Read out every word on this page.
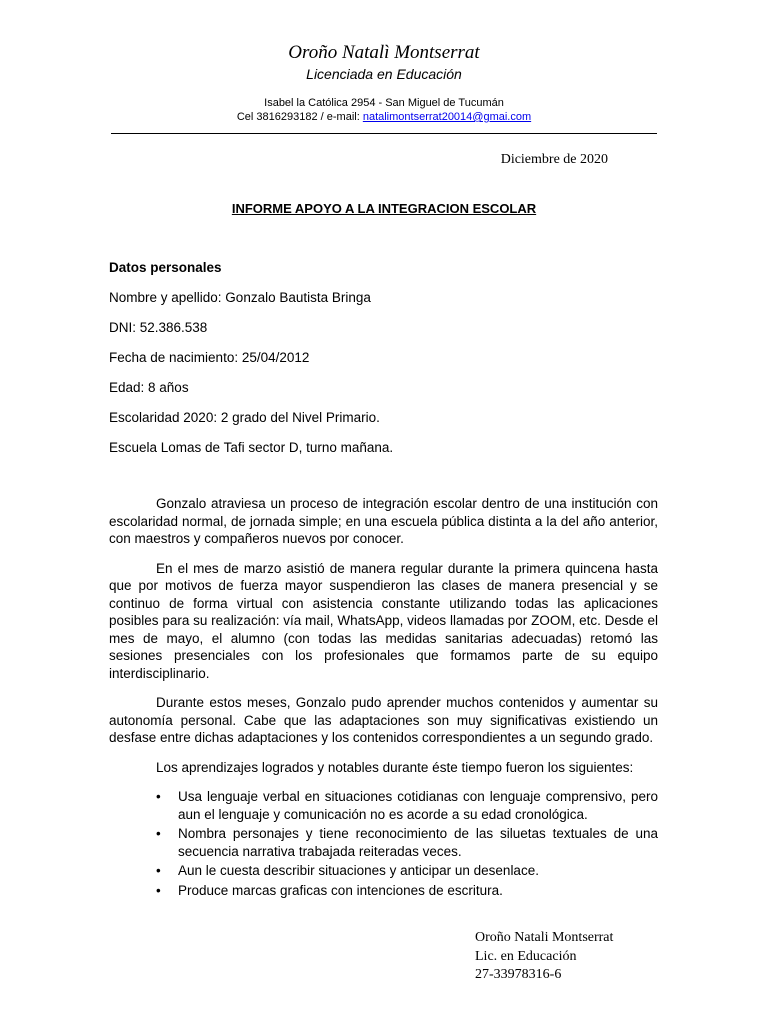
Oroño Natalì Montserrat
Licenciada en Educación
Isabel la Católica 2954 - San Miguel de Tucumán
Cel 3816293182 / e-mail: natalimontserrat20014@gmai.com
Diciembre de 2020
INFORME APOYO A LA INTEGRACION ESCOLAR
Datos personales
Nombre y apellido: Gonzalo Bautista Bringa
DNI: 52.386.538
Fecha de nacimiento: 25/04/2012
Edad: 8 años
Escolaridad 2020: 2 grado del Nivel Primario.
Escuela Lomas de Tafi sector D, turno mañana.

Gonzalo atraviesa un proceso de integración escolar dentro de una institución con escolaridad normal, de jornada simple; en una escuela pública distinta a la del año anterior, con maestros y compañeros nuevos por conocer.

En el mes de marzo asistió de manera regular durante la primera quincena hasta que por motivos de fuerza mayor suspendieron las clases de manera presencial y se continuo de forma virtual con asistencia constante utilizando todas las aplicaciones posibles para su realización: vía mail, WhatsApp, videos llamadas por ZOOM, etc. Desde el mes de mayo, el alumno (con todas las medidas sanitarias adecuadas) retomó las sesiones presenciales con los profesionales que formamos parte de su equipo interdisciplinario.

Durante estos meses, Gonzalo pudo aprender muchos contenidos y aumentar su autonomía personal. Cabe que las adaptaciones son muy significativas existiendo un desfase entre dichas adaptaciones y los contenidos correspondientes a un segundo grado.

Los aprendizajes logrados y notables durante éste tiempo fueron los siguientes:

• Usa lenguaje verbal en situaciones cotidianas con lenguaje comprensivo, pero aun el lenguaje y comunicación no es acorde a su edad cronológica.
• Nombra personajes y tiene reconocimiento de las siluetas textuales de una secuencia narrativa trabajada reiteradas veces.
• Aun le cuesta describir situaciones y anticipar un desenlace.
• Produce marcas graficas con intenciones de escritura.
Oroño Natali Montserrat
Lic. en Educación
27-33978316-6
